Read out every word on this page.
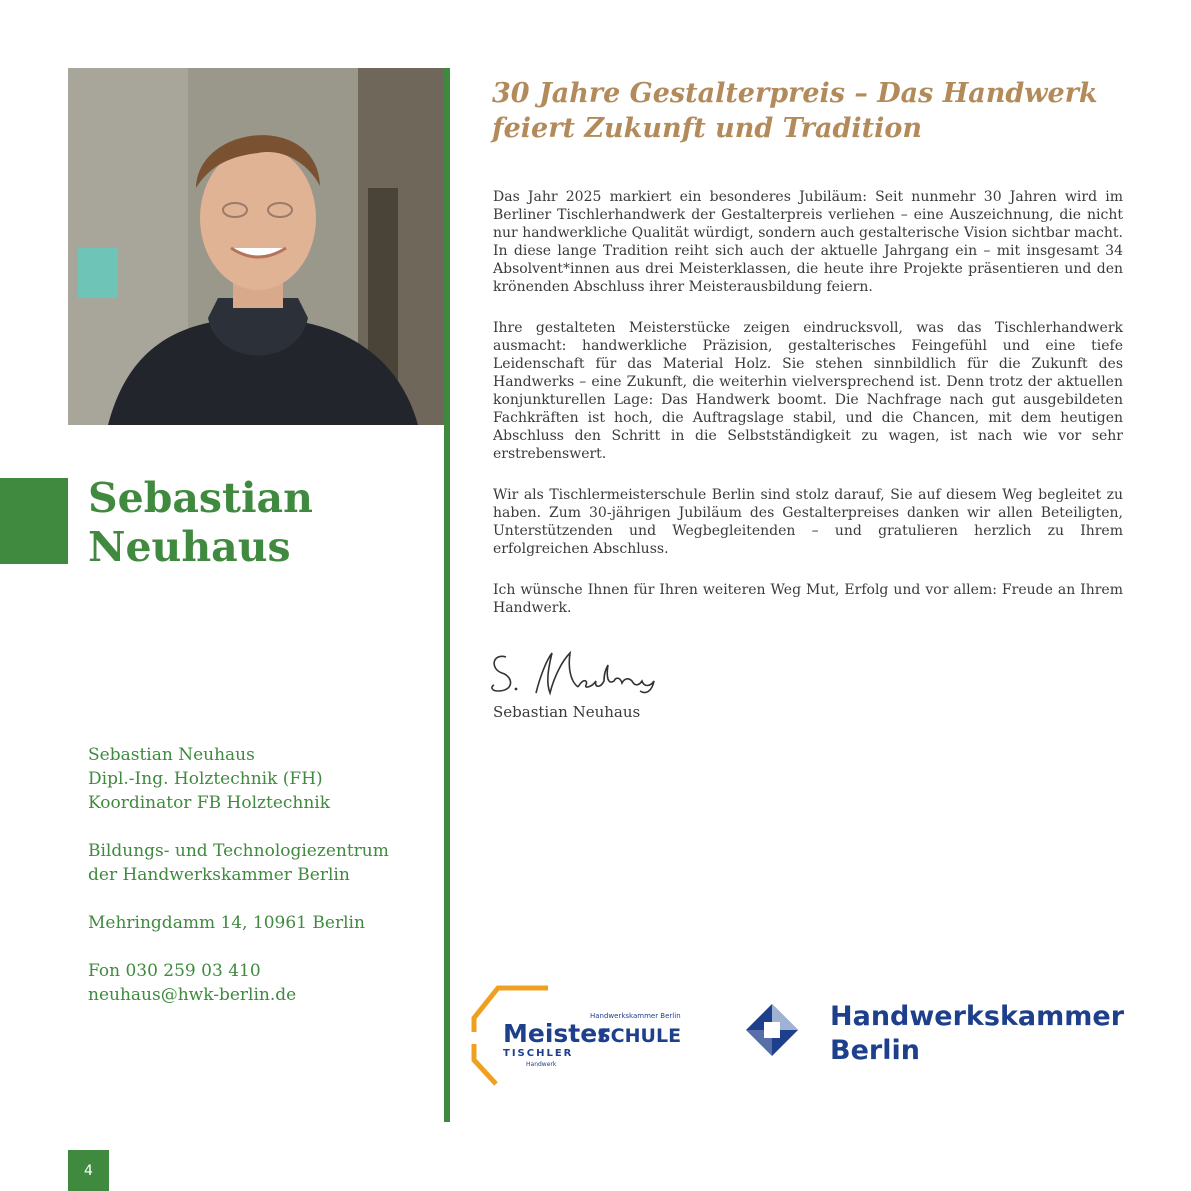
Sebastian
Neuhaus
Sebastian Neuhaus
Dipl.-Ing. Holztechnik (FH)
Koordinator FB Holztechnik
Bildungs- und Technologiezentrum
der Handwerkskammer Berlin
Mehringdamm 14, 10961 Berlin
Fon 030 259 03 410
neuhaus@hwk-berlin.de
30 Jahre Gestalterpreis – Das Handwerk
feiert Zukunft und Tradition

Das Jahr 2025 markiert ein besonderes Jubiläum: Seit nunmehr 30 Jahren wird im Berliner Tischlerhandwerk der Gestalterpreis verliehen – eine Auszeichnung, die nicht nur handwerkliche Qualität würdigt, sondern auch gestalterische Vision sichtbar macht. In diese lange Tradition reiht sich auch der aktuelle Jahrgang ein – mit insgesamt 34 Absolvent*innen aus drei Meisterklassen, die heute ihre Projekte präsentieren und den krönenden Abschluss ihrer Meisterausbildung feiern.

Ihre gestalteten Meisterstücke zeigen eindrucksvoll, was das Tischlerhandwerk ausmacht: handwerkliche Präzision, gestalterisches Feingefühl und eine tiefe Leidenschaft für das Material Holz. Sie stehen sinnbildlich für die Zukunft des Handwerks – eine Zukunft, die weiterhin vielversprechend ist. Denn trotz der aktuellen konjunkturellen Lage: Das Handwerk boomt. Die Nachfrage nach gut ausgebildeten Fachkräften ist hoch, die Auftragslage stabil, und die Chancen, mit dem heutigen Abschluss den Schritt in die Selbstständigkeit zu wagen, ist nach wie vor sehr erstrebenswert.

Wir als Tischlermeisterschule Berlin sind stolz darauf, Sie auf diesem Weg begleitet zu haben. Zum 30-jährigen Jubiläum des Gestalterpreises danken wir allen Beteiligten, Unterstützenden und Wegbegleitenden – und gratulieren herzlich zu Ihrem erfolgreichen Abschluss.

Ich wünsche Ihnen für Ihren weiteren Weg Mut, Erfolg und vor allem: Freude an Ihrem Handwerk.

Sebastian Neuhaus
Handwerkskammer Berlin
Meister
SCHULE
TISCHLER
Handwerk
Handwerkskammer
Berlin
4
